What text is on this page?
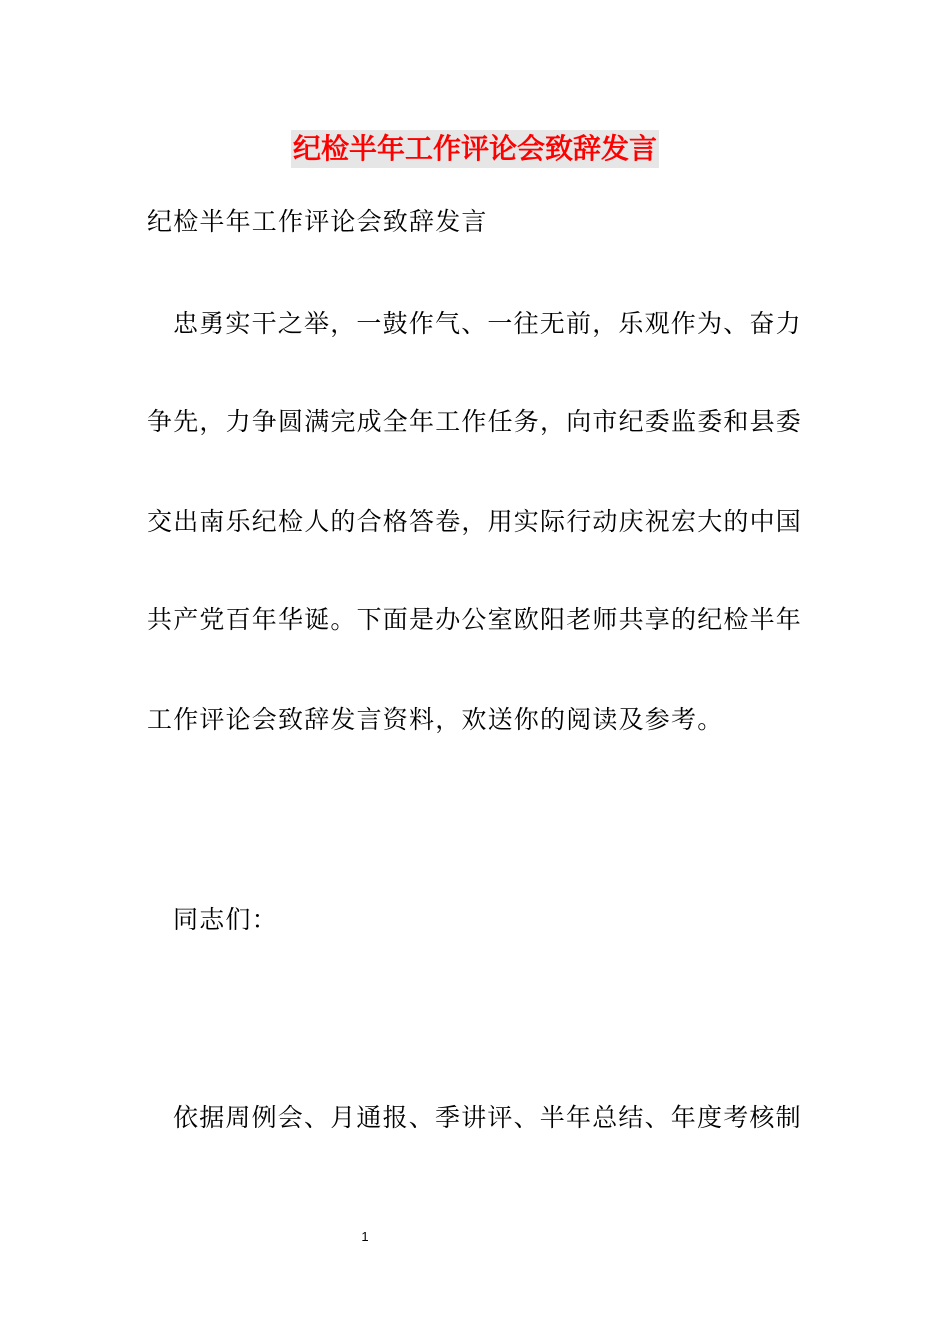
纪检半年工作评论会致辞发言
纪检半年工作评论会致辞发言
忠勇实干之举，一鼓作气、一往无前，乐观作为、奋力
争先，力争圆满完成全年工作任务，向市纪委监委和县委
交出南乐纪检人的合格答卷，用实际行动庆祝宏大的中国
共产党百年华诞。下面是办公室欧阳老师共享的纪检半年
工作评论会致辞发言资料，欢送你的阅读及参考。
同志们：
依据周例会、月通报、季讲评、半年总结、年度考核制
1
